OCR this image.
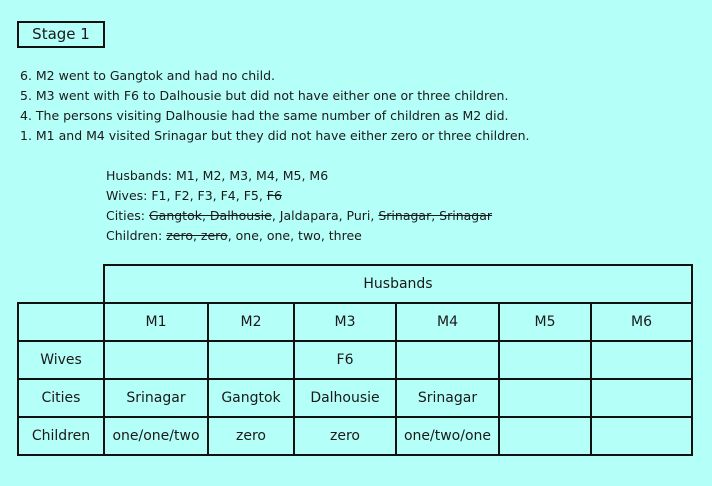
Stage 1
6. M2 went to Gangtok and had no child.
5. M3 went with F6 to Dalhousie but did not have either one or three children.
4. The persons visiting Dalhousie had the same number of children as M2 did.
1. M1 and M4 visited Srinagar but they did not have either zero or three children.
Husbands: M1, M2, M3, M4, M5, M6
Wives: F1, F2, F3, F4, F5, F6
Cities: Gangtok, Dalhousie, Jaldapara, Puri, Srinagar, Srinagar
Children: zero, zero, one, one, two, three
	Husbands					
	M1	M2	M3	M4	M5	M6
Wives			F6			
Cities	Srinagar	Gangtok	Dalhousie	Srinagar		
Children	one/one/two	zero	zero	one/two/one		
